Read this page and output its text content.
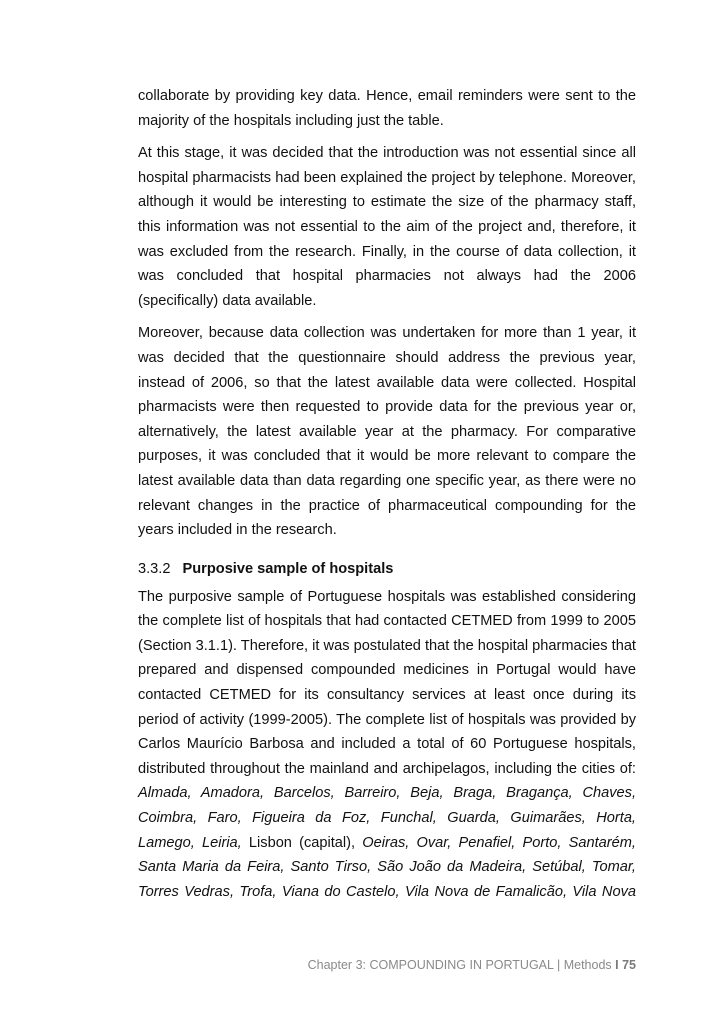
collaborate by providing key data. Hence, email reminders were sent to the majority of the hospitals including just the table.

At this stage, it was decided that the introduction was not essential since all hospital pharmacists had been explained the project by telephone. Moreover, although it would be interesting to estimate the size of the pharmacy staff, this information was not essential to the aim of the project and, therefore, it was excluded from the research. Finally, in the course of data collection, it was concluded that hospital pharmacies not always had the 2006 (specifically) data available.

Moreover, because data collection was undertaken for more than 1 year, it was decided that the questionnaire should address the previous year, instead of 2006, so that the latest available data were collected. Hospital pharmacists were then requested to provide data for the previous year or, alternatively, the latest available year at the pharmacy. For comparative purposes, it was concluded that it would be more relevant to compare the latest available data than data regarding one specific year, as there were no relevant changes in the practice of pharmaceutical compounding for the years included in the research.

3.3.2 Purposive sample of hospitals

The purposive sample of Portuguese hospitals was established considering the complete list of hospitals that had contacted CETMED from 1999 to 2005 (Section 3.1.1). Therefore, it was postulated that the hospital pharmacies that prepared and dispensed compounded medicines in Portugal would have contacted CETMED for its consultancy services at least once during its period of activity (1999-2005). The complete list of hospitals was provided by Carlos Maurício Barbosa and included a total of 60 Portuguese hospitals, distributed throughout the mainland and archipelagos, including the cities of: Almada, Amadora, Barcelos, Barreiro, Beja, Braga, Bragança, Chaves, Coimbra, Faro, Figueira da Foz, Funchal, Guarda, Guimarães, Horta, Lamego, Leiria, Lisbon (capital), Oeiras, Ovar, Penafiel, Porto, Santarém, Santa Maria da Feira, Santo Tirso, São João da Madeira, Setúbal, Tomar, Torres Vedras, Trofa, Viana do Castelo, Vila Nova de Famalicão, Vila Nova

Chapter 3: COMPOUNDING IN PORTUGAL | Methods I 75
